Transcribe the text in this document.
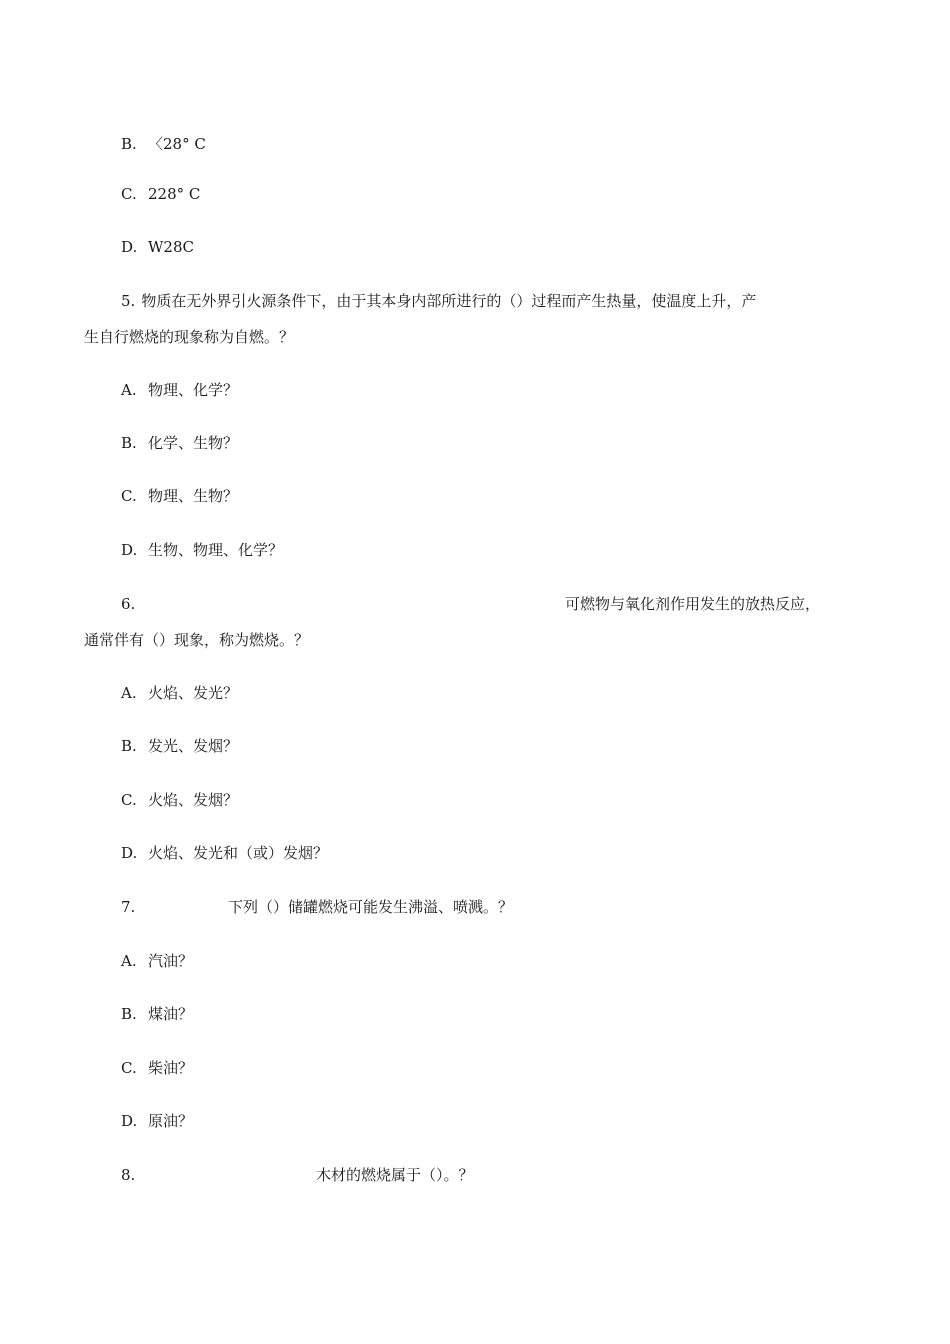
B. 〈28° C
C. 228° C
D. W28C
5. 物质在无外界引火源条件下，由于其本身内部所进行的（）过程而产生热量，使温度上升，产
生自行燃烧的现象称为自燃。？
A. 物理、化学？
B. 化学、生物？
C. 物理、生物？
D. 生物、物理、化学？
6.	可燃物与氧化剂作用发生的放热反应，
通常伴有（）现象，称为燃烧。？
A. 火焰、发光？
B. 发光、发烟？
C. 火焰、发烟？
D. 火焰、发光和（或）发烟？
7.	下列（）储罐燃烧可能发生沸溢、喷溅。？
A. 汽油？
B. 煤油？
C. 柴油？
D. 原油？
8.	木材的燃烧属于（）。？
